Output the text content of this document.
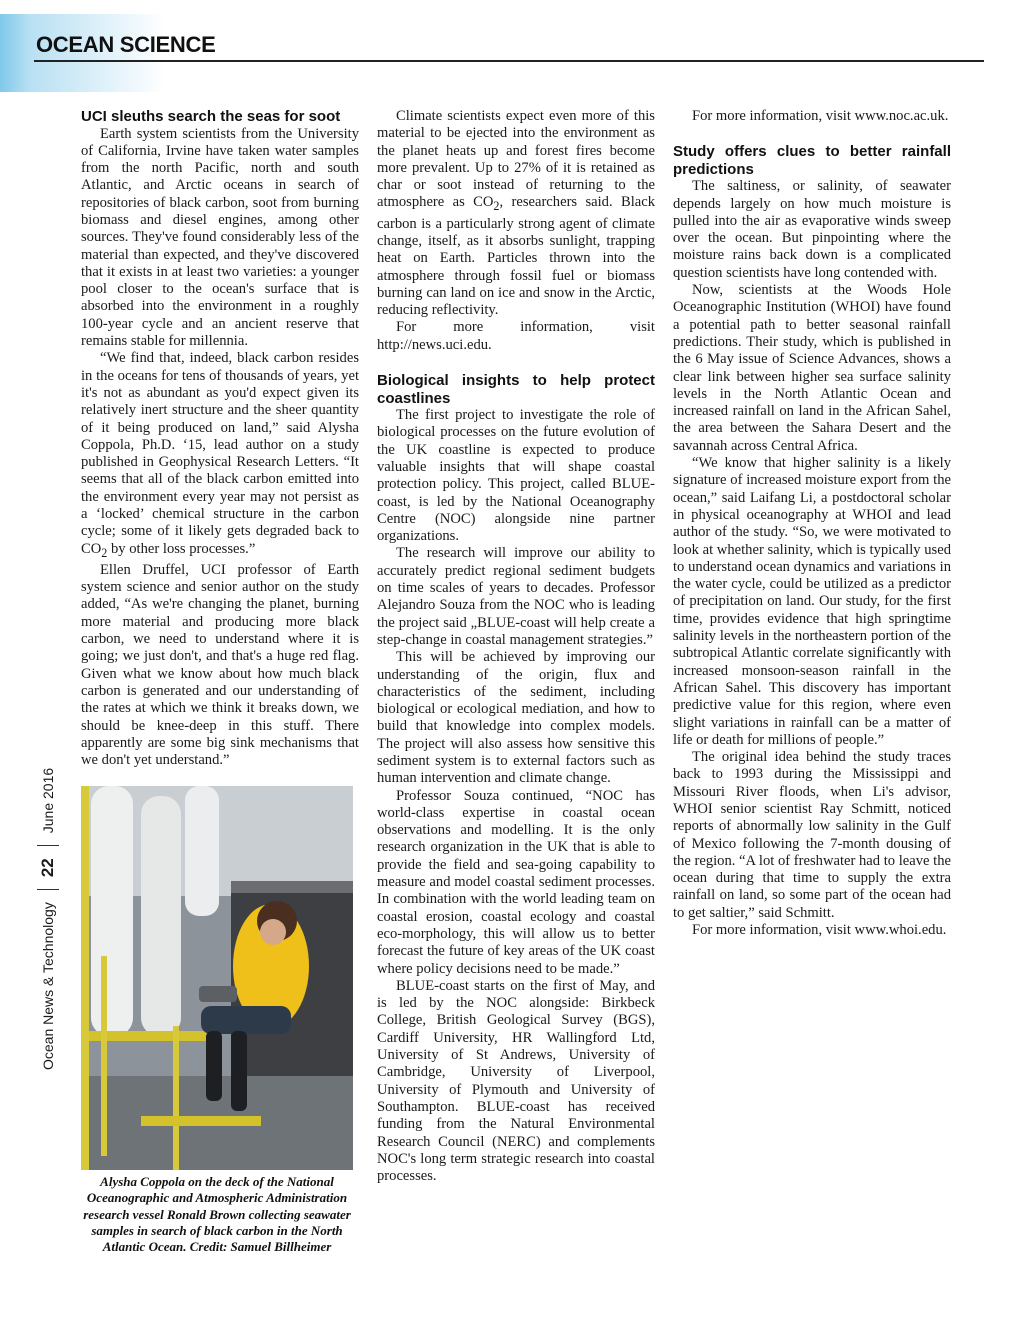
OCEAN SCIENCE
Ocean News & Technology
22
June 2016
UCI sleuths search the seas for soot

Earth system scientists from the University of California, Irvine have taken water samples from the north Pacific, north and south Atlantic, and Arctic oceans in search of repositories of black carbon, soot from burning biomass and diesel engines, among other sources. They've found considerably less of the material than expected, and they've discovered that it exists in at least two varieties: a younger pool closer to the ocean's surface that is absorbed into the environment in a roughly 100-year cycle and an ancient reserve that remains stable for millennia.

“We find that, indeed, black carbon resides in the oceans for tens of thousands of years, yet it's not as abundant as you'd expect given its relatively inert structure and the sheer quantity of it being produced on land,” said Alysha Coppola, Ph.D. ‘15, lead author on a study published in Geophysical Research Letters. “It seems that all of the black carbon emitted into the environment every year may not persist as a ‘locked’ chemical structure in the carbon cycle; some of it likely gets degraded back to $CO_2$ by other loss processes.”

Ellen Druffel, UCI professor of Earth system science and senior author on the study added, “As we're changing the planet, burning more material and producing more black carbon, we need to understand where it is going; we just don't, and that's a huge red flag. Given what we know about how much black carbon is generated and our understanding of the rates at which we think it breaks down, we should be knee-deep in this stuff. There apparently are some big sink mechanisms that we don't yet understand.”

Alysha Coppola on the deck of the National Oceanographic and Atmospheric Administration research vessel Ronald Brown collecting seawater samples in search of black carbon in the North Atlantic Ocean. Credit: Samuel Billheimer

Climate scientists expect even more of this material to be ejected into the environment as the planet heats up and forest fires become more prevalent. Up to 27% of it is retained as char or soot instead of returning to the atmosphere as $CO_2$, researchers said. Black carbon is a particularly strong agent of climate change, itself, as it absorbs sunlight, trapping heat on Earth. Particles thrown into the atmosphere through fossil fuel or biomass burning can land on ice and snow in the Arctic, reducing reflectivity.

For more information, visit http://news.uci.edu.

Biological insights to help protect coastlines

The first project to investigate the role of biological processes on the future evolution of the UK coastline is expected to produce valuable insights that will shape coastal protection policy. This project, called BLUE-coast, is led by the National Oceanography Centre (NOC) alongside nine partner organizations.

The research will improve our ability to accurately predict regional sediment budgets on time scales of years to decades. Professor Alejandro Souza from the NOC who is leading the project said „BLUE-coast will help create a step-change in coastal management strategies.”

This will be achieved by improving our understanding of the origin, flux and characteristics of the sediment, including biological or ecological mediation, and how to build that knowledge into complex models. The project will also assess how sensitive this sediment system is to external factors such as human intervention and climate change.

Professor Souza continued, “NOC has world-class expertise in coastal ocean observations and modelling. It is the only research organization in the UK that is able to provide the field and sea-going capability to measure and model coastal sediment processes. In combination with the world leading team on coastal erosion, coastal ecology and coastal eco-morphology, this will allow us to better forecast the future of key areas of the UK coast where policy decisions need to be made.”

BLUE-coast starts on the first of May, and is led by the NOC alongside: Birkbeck College, British Geological Survey (BGS), Cardiff University, HR Wallingford Ltd, University of St Andrews, University of Cambridge, University of Liverpool, University of Plymouth and University of Southampton. BLUE-coast has received funding from the Natural Environmental Research Council (NERC) and complements NOC's long term strategic research into coastal processes.

For more information, visit www.noc.ac.uk.

Study offers clues to better rainfall predictions

The saltiness, or salinity, of seawater depends largely on how much moisture is pulled into the air as evaporative winds sweep over the ocean. But pinpointing where the moisture rains back down is a complicated question scientists have long contended with.

Now, scientists at the Woods Hole Oceanographic Institution (WHOI) have found a potential path to better seasonal rainfall predictions. Their study, which is published in the 6 May issue of Science Advances, shows a clear link between higher sea surface salinity levels in the North Atlantic Ocean and increased rainfall on land in the African Sahel, the area between the Sahara Desert and the savannah across Central Africa.

“We know that higher salinity is a likely signature of increased moisture export from the ocean,” said Laifang Li, a postdoctoral scholar in physical oceanography at WHOI and lead author of the study. “So, we were motivated to look at whether salinity, which is typically used to understand ocean dynamics and variations in the water cycle, could be utilized as a predictor of precipitation on land. Our study, for the first time, provides evidence that high springtime salinity levels in the northeastern portion of the subtropical Atlantic correlate significantly with increased monsoon-season rainfall in the African Sahel. This discovery has important predictive value for this region, where even slight variations in rainfall can be a matter of life or death for millions of people.”

The original idea behind the study traces back to 1993 during the Mississippi and Missouri River floods, when Li's advisor, WHOI senior scientist Ray Schmitt, noticed reports of abnormally low salinity in the Gulf of Mexico following the 7-month dousing of the region. “A lot of freshwater had to leave the ocean during that time to supply the extra rainfall on land, so some part of the ocean had to get saltier,” said Schmitt.

For more information, visit www.whoi.edu.
